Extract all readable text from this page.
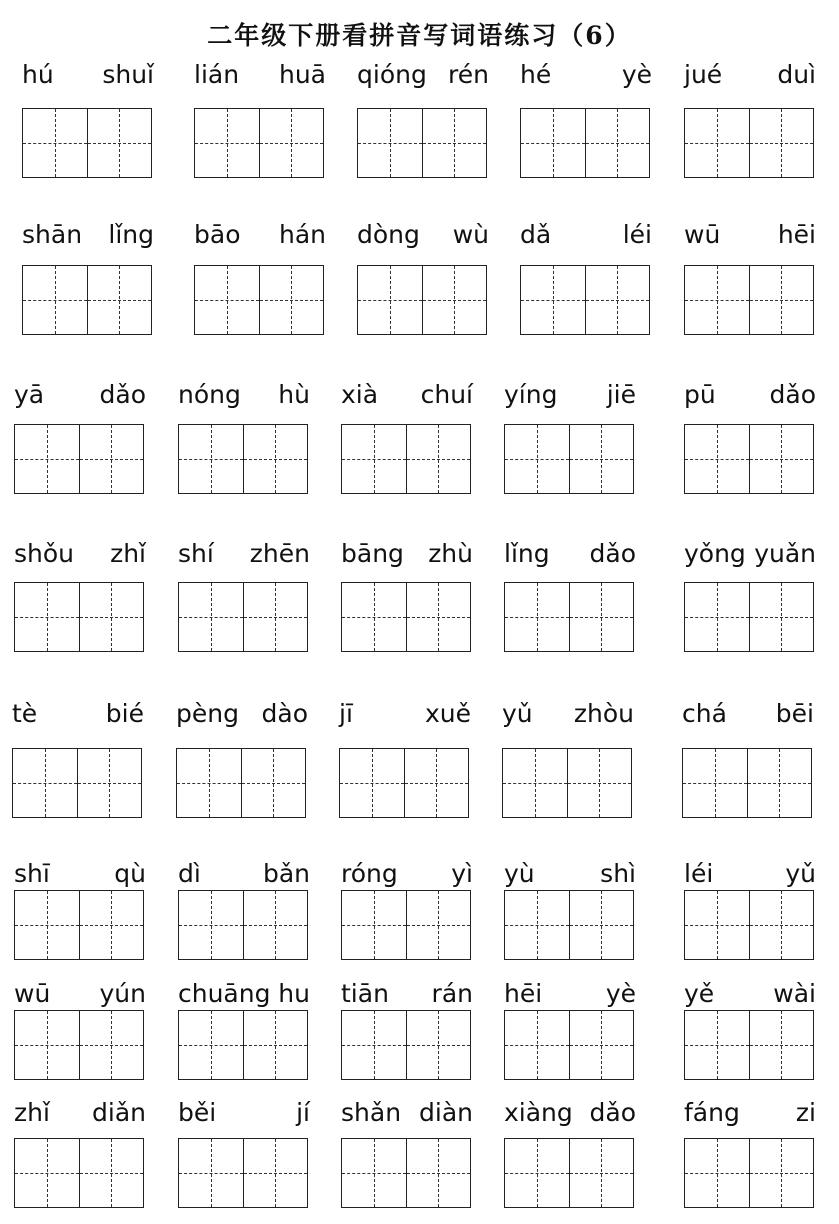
二年级下册看拼音写词语练习（6）
hú shuǐ lián huā qióng rén hé	yè jué duì
shān lǐng bāo hán dòng wù dǎ	léi wū hēi
yā dǎo nóng hù xià chuí yíng jiē pū dǎo
shǒu zhǐ shí zhēn bāng zhù lǐng dǎo yǒng yuǎn
tè	bié pèng dào jī	xuě yǔ zhòu chá bēi
shī	qù dì bǎn róng yì yù	shì léi	yǔ
wū yún chuāng hu tiān rán hēi	yè yě wài
zhǐ diǎn běi	jí shǎn diàn xiàng dǎo fáng zi
